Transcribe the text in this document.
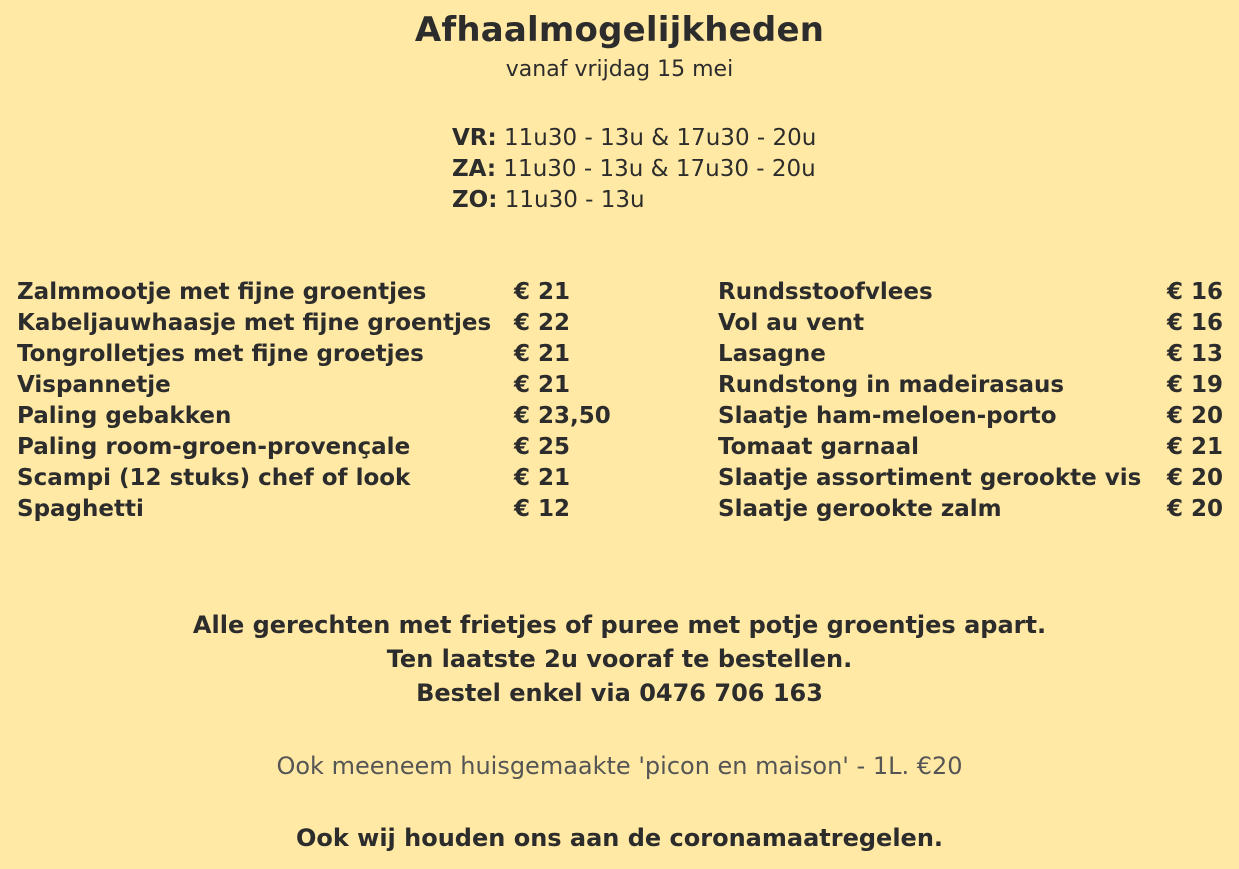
Afhaalmogelijkheden
vanaf vrijdag 15 mei
VR: 11u30 - 13u & 17u30 - 20u
ZA: 11u30 - 13u & 17u30 - 20u
ZO: 11u30 - 13u
Zalmmootje met fijne groentjes	€ 21
Kabeljauwhaasje met fijne groentjes € 22
Tongrolletjes met fijne groetjes	€ 21
Vispannetje	€ 21
Paling gebakken	€ 23,50
Paling room-groen-provençale	€ 25
Scampi (12 stuks) chef of look	€ 21
Spaghetti	€ 12
Rundsstoofvlees	€ 16
Vol au vent	€ 16
Lasagne	€ 13
Rundstong in madeirasaus	€ 19
Slaatje ham-meloen-porto	€ 20
Tomaat garnaal	€ 21
Slaatje assortiment gerookte vis € 20
Slaatje gerookte zalm	€ 20
Alle gerechten met frietjes of puree met potje groentjes apart.
Ten laatste 2u vooraf te bestellen.
Bestel enkel via 0476 706 163
Ook meeneem huisgemaakte 'picon en maison' - 1L. €20
Ook wij houden ons aan de coronamaatregelen.
